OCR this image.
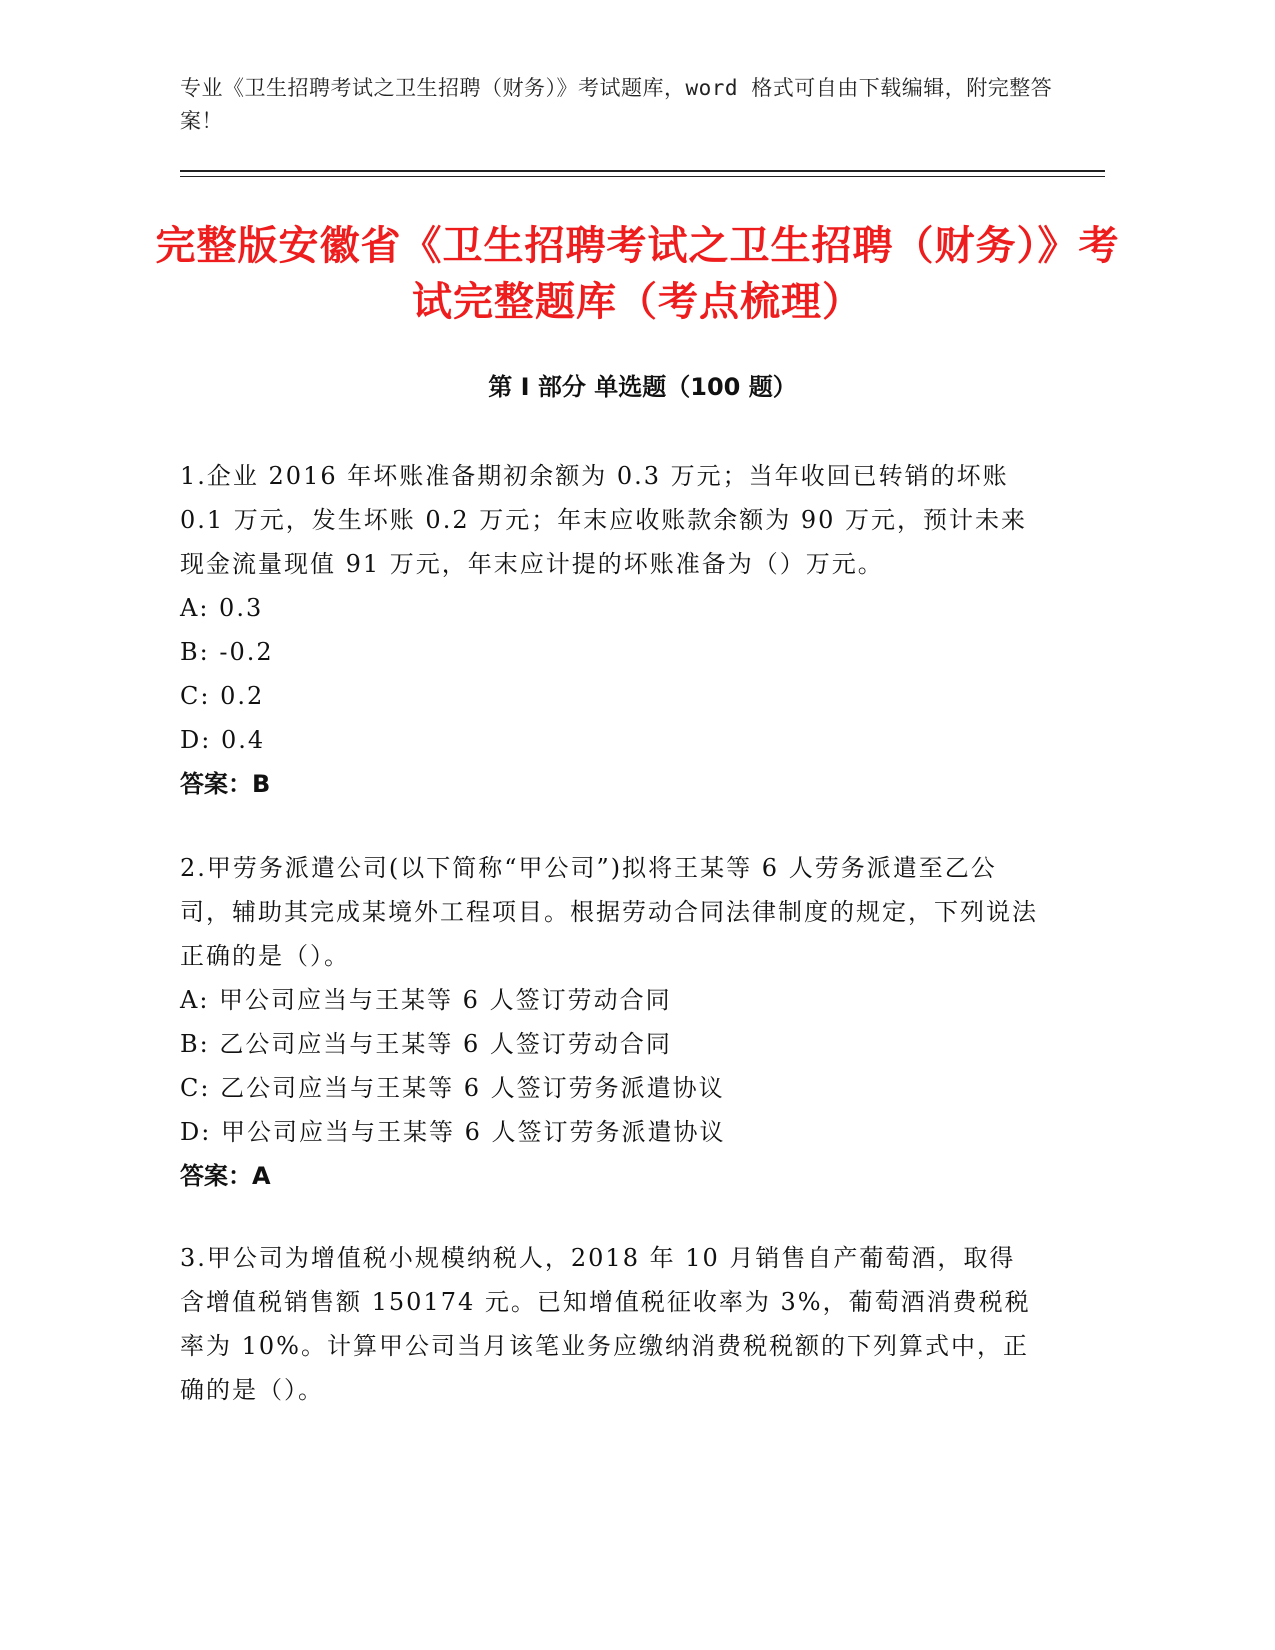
专业《卫生招聘考试之卫生招聘（财务）》考试题库，word 格式可自由下载编辑，附完整答案！
完整版安徽省《卫生招聘考试之卫生招聘（财务）》考试完整题库（考点梳理）
第 I 部分 单选题（100 题）

1.企业 2016 年坏账准备期初余额为 0.3 万元；当年收回已转销的坏账 0.1 万元，发生坏账 0.2 万元；年末应收账款余额为 90 万元，预计未来现金流量现值 91 万元，年末应计提的坏账准备为（）万元。

A: 0.3

B: -0.2

C: 0.2

D: 0.4

答案：B

2.甲劳务派遣公司(以下简称“甲公司”)拟将王某等 6 人劳务派遣至乙公司，辅助其完成某境外工程项目。根据劳动合同法律制度的规定，下列说法正确的是（）。

A: 甲公司应当与王某等 6 人签订劳动合同

B: 乙公司应当与王某等 6 人签订劳动合同

C: 乙公司应当与王某等 6 人签订劳务派遣协议

D: 甲公司应当与王某等 6 人签订劳务派遣协议

答案：A

3.甲公司为增值税小规模纳税人，2018 年 10 月销售自产葡萄酒，取得含增值税销售额 150174 元。已知增值税征收率为 3%，葡萄酒消费税税率为 10%。计算甲公司当月该笔业务应缴纳消费税税额的下列算式中，正确的是（）。
